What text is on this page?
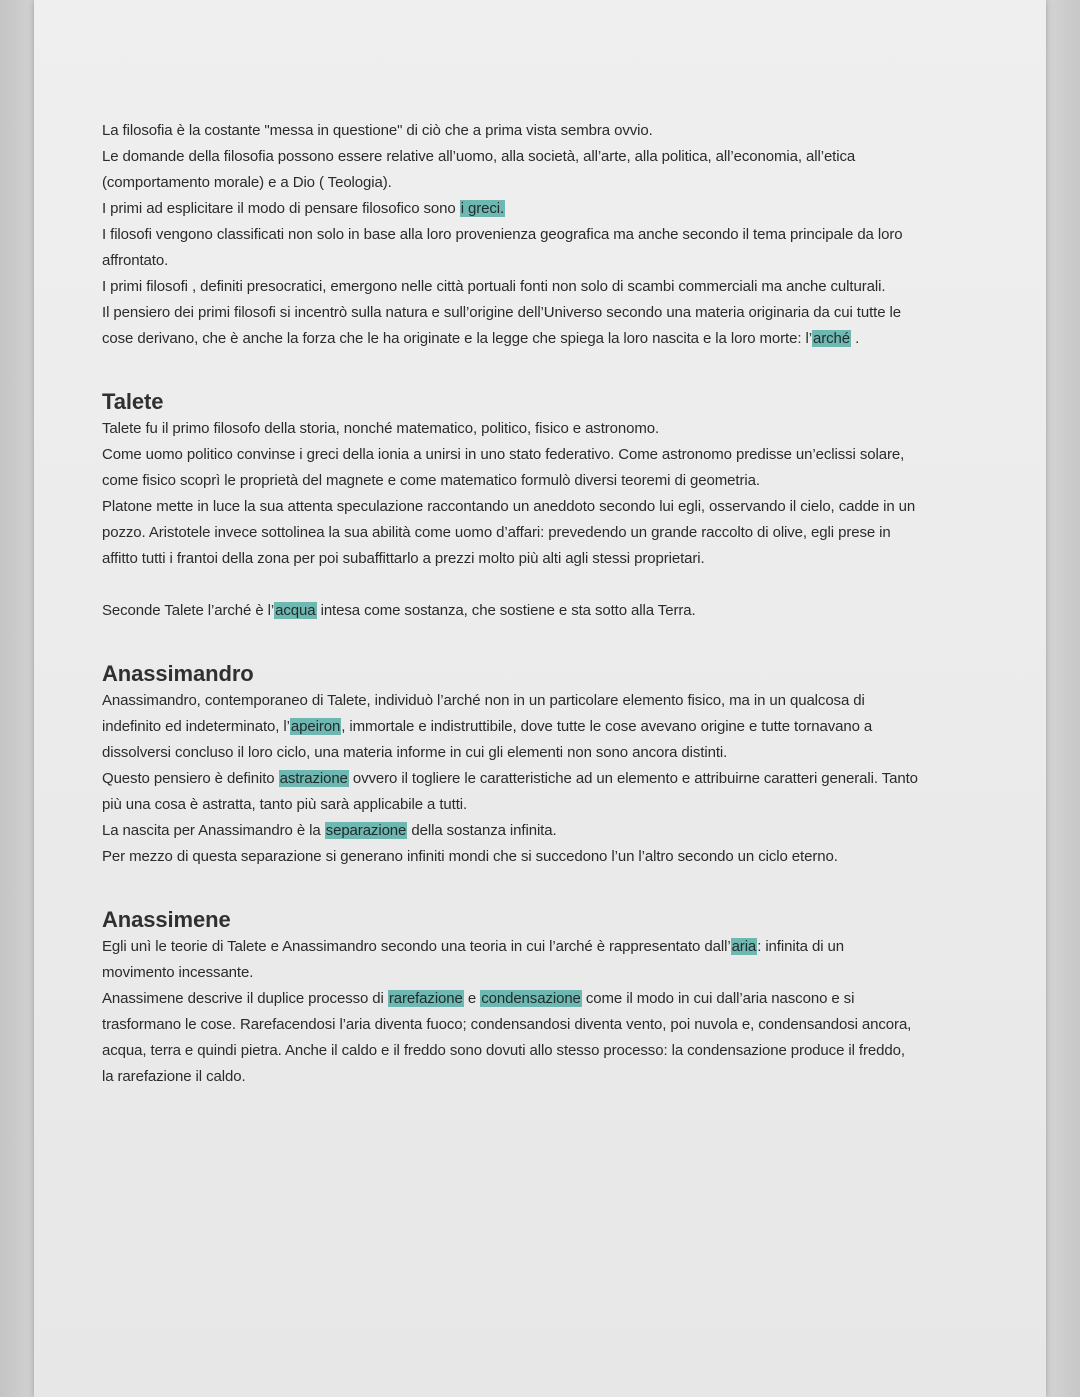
La filosofia è la costante "messa in questione" di ciò che a prima vista sembra ovvio.

Le domande della filosofia possono essere relative all’uomo, alla società, all’arte, alla politica, all’economia, all’etica (comportamento morale) e a Dio ( Teologia).

I primi ad esplicitare il modo di pensare filosofico sono i greci.

I filosofi vengono classificati non solo in base alla loro provenienza geografica ma anche secondo il tema principale da loro affrontato.

I primi filosofi , definiti presocratici, emergono nelle città portuali fonti non solo di scambi commerciali ma anche culturali.

Il pensiero dei primi filosofi si incentrò sulla natura e sull’origine dell’Universo secondo una materia originaria da cui tutte le cose derivano, che è anche la forza che le ha originate e la legge che spiega la loro nascita e la loro morte: l’arché .

Talete

Talete fu il primo filosofo della storia, nonché matematico, politico, fisico e astronomo.

Come uomo politico convinse i greci della ionia a unirsi in uno stato federativo. Come astronomo predisse un’eclissi solare, come fisico scoprì le proprietà del magnete e come matematico formulò diversi teoremi di geometria.

Platone mette in luce la sua attenta speculazione raccontando un aneddoto secondo lui egli, osservando il cielo, cadde in un pozzo. Aristotele invece sottolinea la sua abilità come uomo d’affari: prevedendo un grande raccolto di olive, egli prese in affitto tutti i frantoi della zona per poi subaffittarlo a prezzi molto più alti agli stessi proprietari.

Seconde Talete l’arché è l’acqua intesa come sostanza, che sostiene e sta sotto alla Terra.

Anassimandro

Anassimandro, contemporaneo di Talete, individuò l’arché non in un particolare elemento fisico, ma in un qualcosa di indefinito ed indeterminato, l’apeiron, immortale e indistruttibile, dove tutte le cose avevano origine e tutte tornavano a dissolversi concluso il loro ciclo, una materia informe in cui gli elementi non sono ancora distinti.

Questo pensiero è definito astrazione ovvero il togliere le caratteristiche ad un elemento e attribuirne caratteri generali. Tanto più una cosa è astratta, tanto più sarà applicabile a tutti.

La nascita per Anassimandro è la separazione della sostanza infinita.

Per mezzo di questa separazione si generano infiniti mondi che si succedono l’un l’altro secondo un ciclo eterno.

Anassimene

Egli unì le teorie di Talete e Anassimandro secondo una teoria in cui l’arché è rappresentato dall’aria: infinita di un movimento incessante.

Anassimene descrive il duplice processo di rarefazione e condensazione come il modo in cui dall’aria nascono e si trasformano le cose. Rarefacendosi l’aria diventa fuoco; condensandosi diventa vento, poi nuvola e, condensandosi ancora, acqua, terra e quindi pietra. Anche il caldo e il freddo sono dovuti allo stesso processo: la condensazione produce il freddo, la rarefazione il caldo.
